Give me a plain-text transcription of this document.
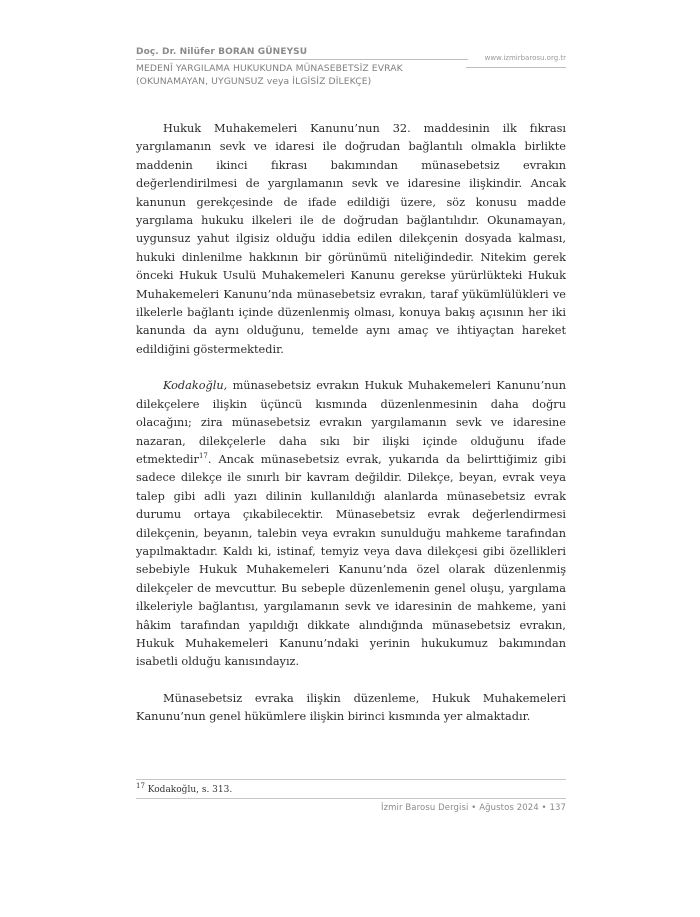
Doç. Dr. Nilüfer BORAN GÜNEYSU
www.izmirbarosu.org.tr
MEDENÎ YARGILAMA HUKUKUNDA MÜNASEBETSİZ EVRAK
(OKUNAMAYAN, UYGUNSUZ veya İLGİSİZ DİLEKÇE)

Hukuk Muhakemeleri Kanunu’nun 32. maddesinin ilk fıkrası yargılamanın sevk ve idaresi ile doğrudan bağlantılı olmakla birlikte maddenin ikinci fıkrası bakımından münasebetsiz evrakın değerlendirilmesi de yargılamanın sevk ve idaresine ilişkindir. Ancak kanunun gerekçesinde de ifade edildiği üzere, söz konusu madde yargılama hukuku ilkeleri ile de doğrudan bağlantılıdır. Okunamayan, uygunsuz yahut ilgisiz olduğu iddia edilen dilekçenin dosyada kalması, hukuki dinlenilme hakkının bir görünümü niteliğindedir. Nitekim gerek önceki Hukuk Usulü Muhakemeleri Kanunu gerekse yürürlükteki Hukuk Muhakemeleri Kanunu’nda münasebetsiz evrakın, taraf yükümlülükleri ve ilkelerle bağlantı içinde düzenlenmiş olması, konuya bakış açısının her iki kanunda da aynı olduğunu, temelde aynı amaç ve ihtiyaçtan hareket edildiğini göstermektedir.

Kodakoğlu, münasebetsiz evrakın Hukuk Muhakemeleri Kanunu’nun dilekçelere ilişkin üçüncü kısmında düzenlenmesinin daha doğru olacağını; zira münasebetsiz evrakın yargılamanın sevk ve idaresine nazaran, dilekçelerle daha sıkı bir ilişki içinde olduğunu ifade etmektedir$^{17}$. Ancak münasebetsiz evrak, yukarıda da belirttiğimiz gibi sadece dilekçe ile sınırlı bir kavram değildir. Dilekçe, beyan, evrak veya talep gibi adli yazı dilinin kullanıldığı alanlarda münasebetsiz evrak durumu ortaya çıkabilecektir. Münasebetsiz evrak değerlendirmesi dilekçenin, beyanın, talebin veya evrakın sunulduğu mahkeme tarafından yapılmaktadır. Kaldı ki, istinaf, temyiz veya dava dilekçesi gibi özellikleri sebebiyle Hukuk Muhakemeleri Kanunu’nda özel olarak düzenlenmiş dilekçeler de mevcuttur. Bu sebeple düzenlemenin genel oluşu, yargılama ilkeleriyle bağlantısı, yargılamanın sevk ve idaresinin de mahkeme, yani hâkim tarafından yapıldığı dikkate alındığında münasebetsiz evrakın, Hukuk Muhakemeleri Kanunu’ndaki yerinin hukukumuz bakımından isabetli olduğu kanısındayız.

Münasebetsiz evraka ilişkin düzenleme, Hukuk Muhakemeleri Kanunu’nun genel hükümlere ilişkin birinci kısmında yer almaktadır.

$^{17}$ Kodakoğlu, s. 313.
İzmir Barosu Dergisi • Ağustos 2024 • 137
